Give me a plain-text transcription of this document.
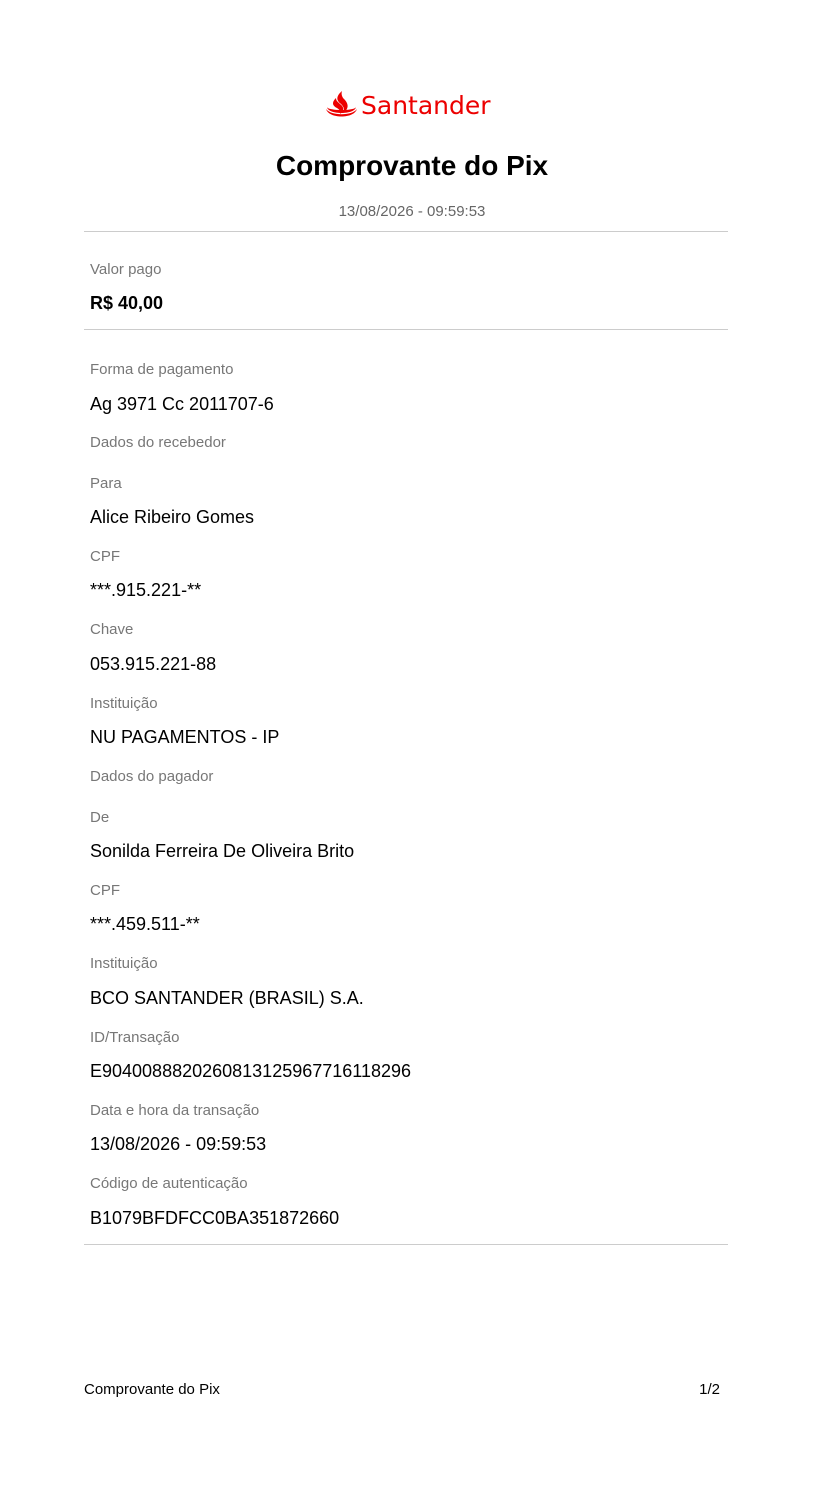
Santander
Comprovante do Pix
13/08/2026 - 09:59:53
Valor pago
R$ 40,00
Forma de pagamento
Ag 3971 Cc 2011707-6
Dados do recebedor
Para
Alice Ribeiro Gomes
CPF
***.915.221-**
Chave
053.915.221-88
Instituição
NU PAGAMENTOS - IP
Dados do pagador
De
Sonilda Ferreira De Oliveira Brito
CPF
***.459.511-**
Instituição
BCO SANTANDER (BRASIL) S.A.
ID/Transação
E90400888202608131259677161182​96
Data e hora da transação
13/08/2026 - 09:59:53
Código de autenticação
B1079BFDFCC0BA351872660
Comprovante do Pix	1/2
